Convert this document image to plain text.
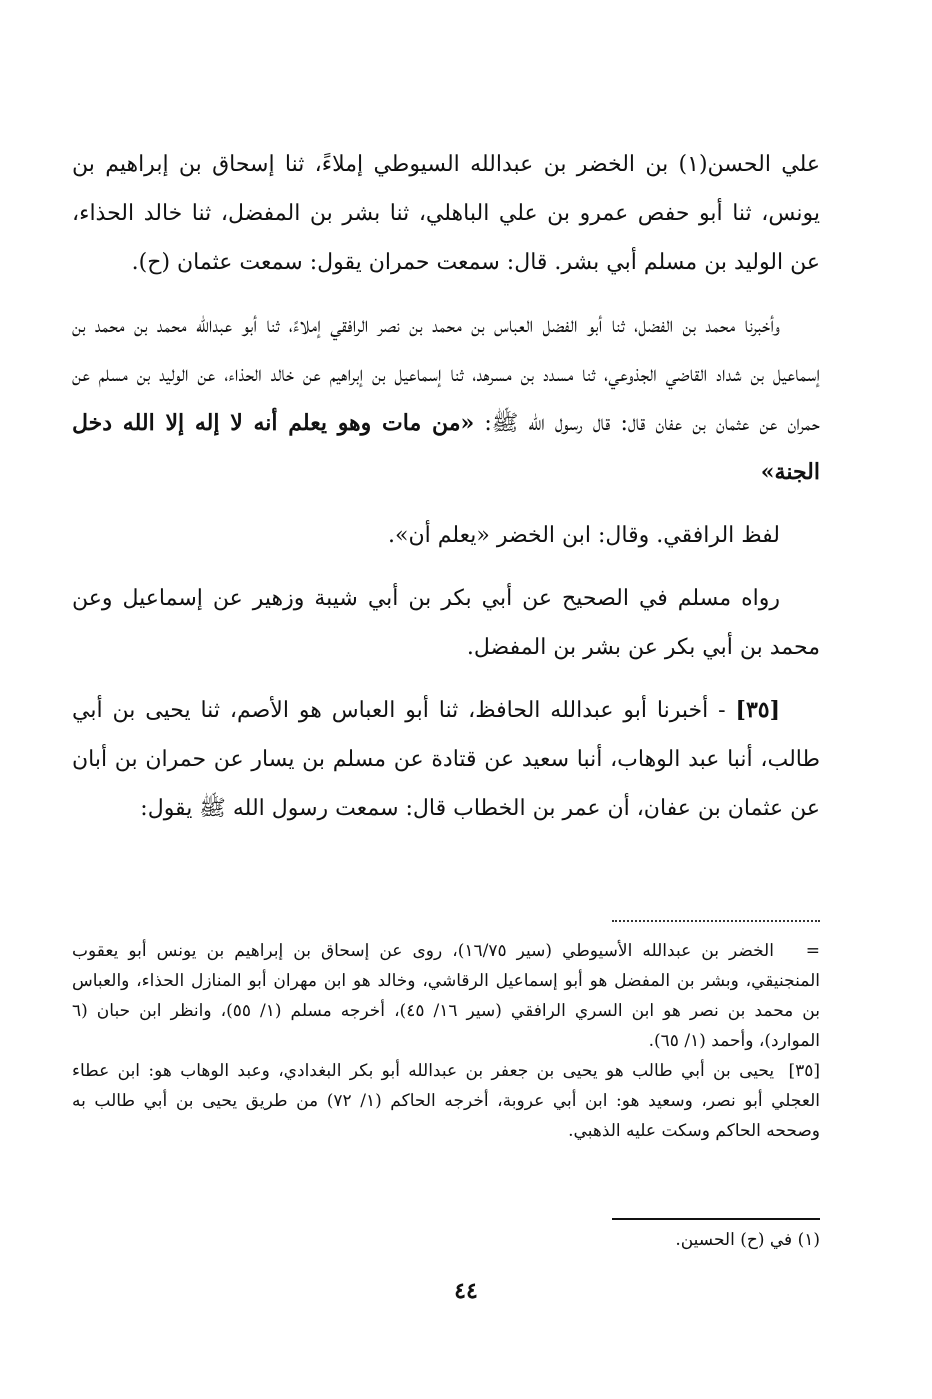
علي الحسن(١) بن الخضر بن عبدالله السيوطي إملاءً، ثنا إسحاق بن إبراهيم بن يونس، ثنا أبو حفص عمرو بن علي الباهلي، ثنا بشر بن المفضل، ثنا خالد الحذاء، عن الوليد بن مسلم أبي بشر. قال: سمعت حمران يقول: سمعت عثمان (ح).

وأخبرنا محمد بن الفضل، ثنا أبو الفضل العباس بن محمد بن نصر الرافقي إملاءً، ثنا أبو عبدالله محمد بن محمد بن إسماعيل بن شداد القاضي الجذوعي، ثنا مسدد بن مسرهد، ثنا إسماعيل بن إبراهيم عن خالد الحذاء، عن الوليد بن مسلم عن حمران عن عثمان بن عفان قال: قال رسول الله ﷺ: «من مات وهو يعلم أنه لا إله إلا الله دخل الجنة»

لفظ الرافقي. وقال: ابن الخضر «يعلم أن».

رواه مسلم في الصحيح عن أبي بكر بن أبي شيبة وزهير عن إسماعيل وعن محمد بن أبي بكر عن بشر بن المفضل.

[٣٥] - أخبرنا أبو عبدالله الحافظ، ثنا أبو العباس هو الأصم، ثنا يحيى بن أبي طالب، أنبا عبد الوهاب، أنبا سعيد عن قتادة عن مسلم بن يسار عن حمران بن أبان عن عثمان بن عفان، أن عمر بن الخطاب قال: سمعت رسول الله ﷺ يقول:

= الخضر بن عبدالله الأسيوطي (سير ١٦/٧٥)، روى عن إسحاق بن إبراهيم بن يونس أبو يعقوب المنجنيقي، وبشر بن المفضل هو أبو إسماعيل الرقاشي، وخالد هو ابن مهران أبو المنازل الحذاء، والعباس بن محمد بن نصر هو ابن السري الرافقي (سير ١٦/ ٤٥)، أخرجه مسلم (١/ ٥٥)، وانظر ابن حبان (٦ الموارد)، وأحمد (١/ ٦٥).

[٣٥] يحيى بن أبي طالب هو يحيى بن جعفر بن عبدالله أبو بكر البغدادي، وعبد الوهاب هو: ابن عطاء العجلي أبو نصر، وسعيد هو: ابن أبي عروبة، أخرجه الحاكم (١/ ٧٢) من طريق يحيى بن أبي طالب به وصححه الحاكم وسكت عليه الذهبي.

(١) في (ح) الحسين.
٤٤
